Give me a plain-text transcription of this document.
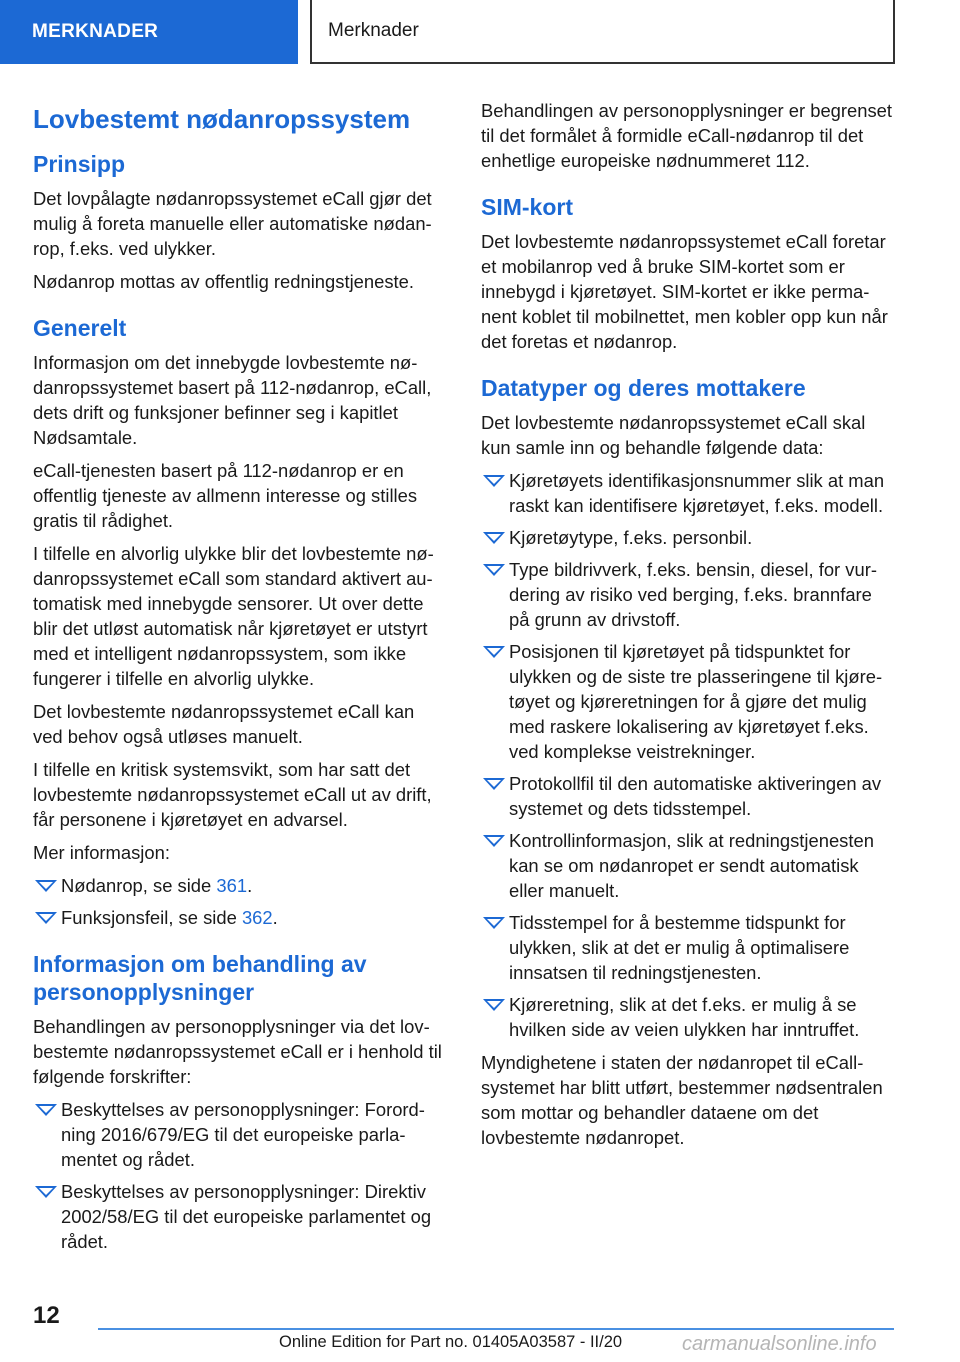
MERKNADER	Merknader
Lovbestemt nødanropssystem
Prinsipp

Det lovpålagte nødanropssystemet eCall gjør det mulig å foreta manuelle eller automatiske nødanrop, f.eks. ved ulykker.

Nødanrop mottas av offentlig redningstjeneste.

Generelt

Informasjon om det innebygde lovbestemte nødanropssystemet basert på 112-nødanrop, eCall, dets drift og funksjoner befinner seg i kapitlet Nødsamtale.

eCall-tjenesten basert på 112-nødanrop er en offentlig tjeneste av allmenn interesse og stilles gratis til rådighet.

I tilfelle en alvorlig ulykke blir det lovbestemte nødanropssystemet eCall som standard aktivert automatisk med innebygde sensorer. Ut over dette blir det utløst automatisk når kjøretøyet er utstyrt med et intelligent nødanropssystem, som ikke fungerer i tilfelle en alvorlig ulykke.

Det lovbestemte nødanropssystemet eCall kan ved behov også utløses manuelt.

I tilfelle en kritisk systemsvikt, som har satt det lovbestemte nødanropssystemet eCall ut av drift, får personene i kjøretøyet en advarsel.

Mer informasjon:

Nødanrop, se side 361.
Funksjonsfeil, se side 362.
Informasjon om behandling av personopplysninger

Behandlingen av personopplysninger via det lovbestemte nødanropssystemet eCall er i henhold til følgende forskrifter:

Beskyttelses av personopplysninger: Forordning 2016/679/EG til det europeiske parlamentet og rådet.
Beskyttelses av personopplysninger: Direktiv 2002/58/EG til det europeiske parlamentet og rådet.

Behandlingen av personopplysninger er begrenset til det formålet å formidle eCall-nødanrop til det enhetlige europeiske nødnummeret 112.

SIM-kort

Det lovbestemte nødanropssystemet eCall foretar et mobilanrop ved å bruke SIM-kortet som er innebygd i kjøretøyet. SIM-kortet er ikke permanent koblet til mobilnettet, men kobler opp kun når det foretas et nødanrop.

Datatyper og deres mottakere

Det lovbestemte nødanropssystemet eCall skal kun samle inn og behandle følgende data:

Kjøretøyets identifikasjonsnummer slik at man raskt kan identifisere kjøretøyet, f.eks. modell.
Kjøretøytype, f.eks. personbil.
Type bildrivverk, f.eks. bensin, diesel, for vurdering av risiko ved berging, f.eks. brannfare på grunn av drivstoff.
Posisjonen til kjøretøyet på tidspunktet for ulykken og de siste tre plasseringene til kjøretøyet og kjøreretningen for å gjøre det mulig med raskere lokalisering av kjøretøyet f.eks. ved komplekse veistrekninger.
Protokollfil til den automatiske aktiveringen av systemet og dets tidsstempel.
Kontrollinformasjon, slik at redningstjenesten kan se om nødanropet er sendt automatisk eller manuelt.
Tidsstempel for å bestemme tidspunkt for ulykken, slik at det er mulig å optimalisere innsatsen til redningstjenesten.
Kjøreretning, slik at det f.eks. er mulig å se hvilken side av veien ulykken har inntruffet.

Myndighetene i staten der nødanropet til eCall-systemet har blitt utført, bestemmer nødsentralen som mottar og behandler dataene om det lovbestemte nødanropet.

12
Online Edition for Part no. 01405A03587 - II/20	carmanualsonline.info
